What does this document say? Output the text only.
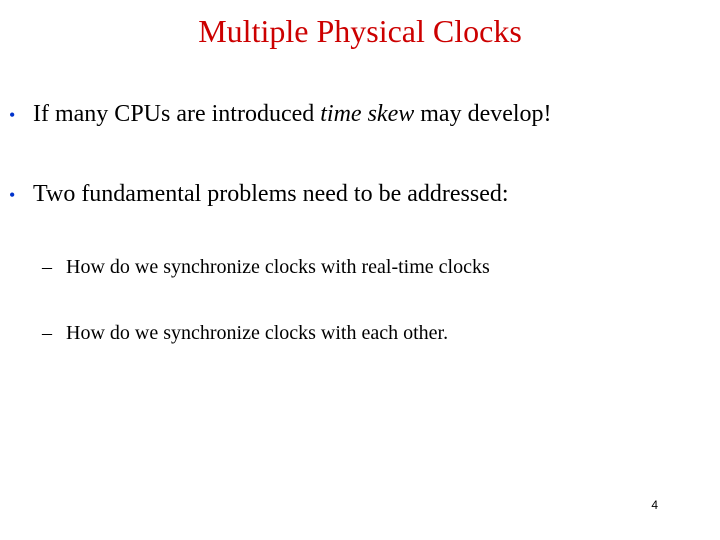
Multiple Physical Clocks
• If many CPUs are introduced time skew may develop!
• Two fundamental problems need to be addressed:
– How do we synchronize clocks with real-time clocks
– How do we synchronize clocks with each other.
4
